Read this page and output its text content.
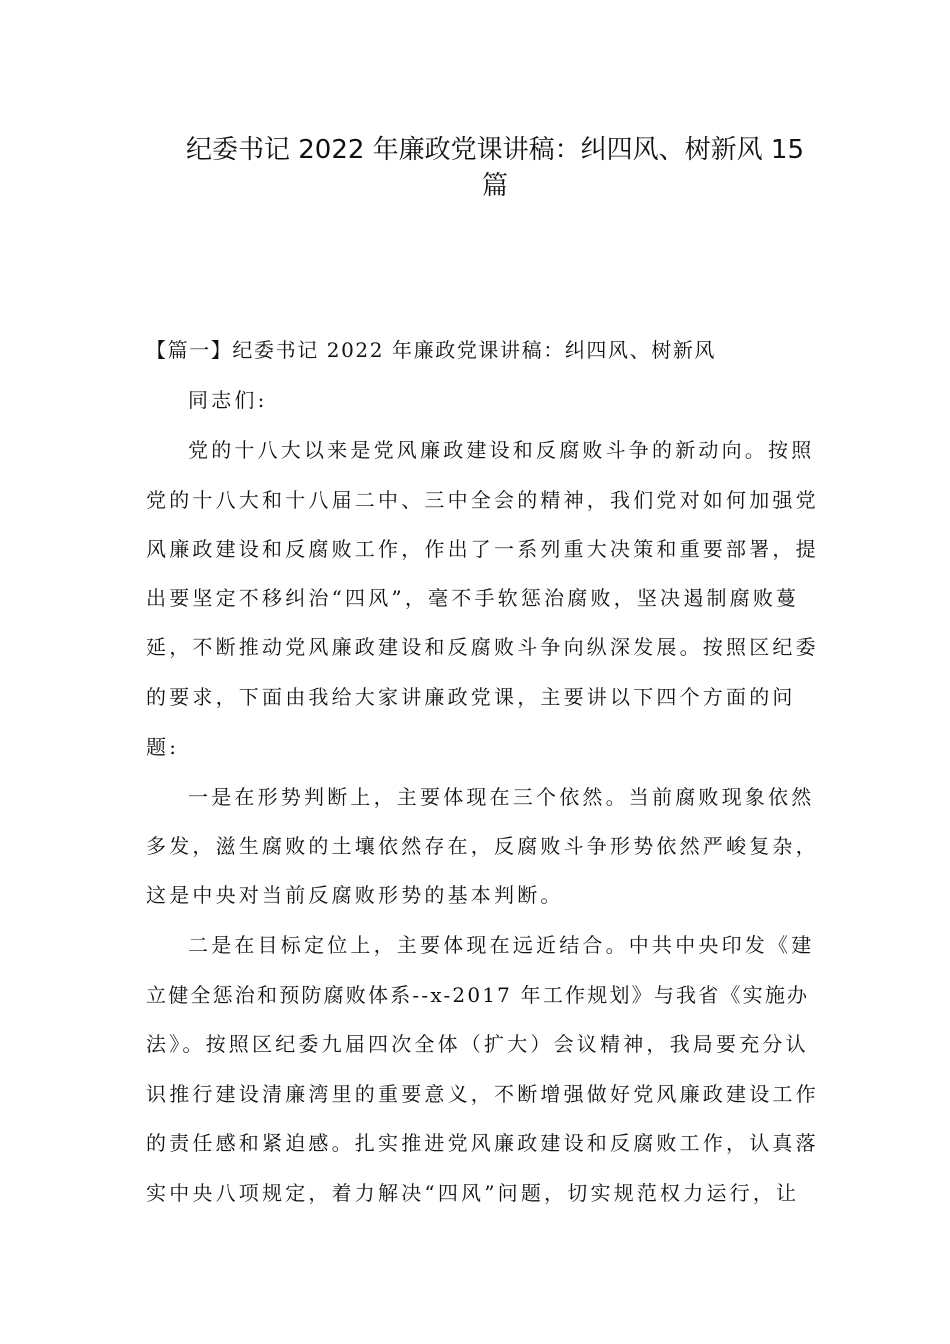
纪委书记 2022 年廉政党课讲稿：纠四风、树新风 15
篇

【篇一】纪委书记 2022 年廉政党课讲稿：纠四风、树新风

同志们:

党的十八大以来是党风廉政建设和反腐败斗争的新动向。按照

党的十八大和十八届二中、三中全会的精神，我们党对如何加强党

风廉政建设和反腐败工作，作出了一系列重大决策和重要部署，提

出要坚定不移纠治“四风”，毫不手软惩治腐败，坚决遏制腐败蔓

延，不断推动党风廉政建设和反腐败斗争向纵深发展。按照区纪委

的要求，下面由我给大家讲廉政党课，主要讲以下四个方面的问

题:

一是在形势判断上，主要体现在三个依然。当前腐败现象依然

多发，滋生腐败的土壤依然存在，反腐败斗争形势依然严峻复杂，

这是中央对当前反腐败形势的基本判断。

二是在目标定位上，主要体现在远近结合。中共中央印发《建

立健全惩治和预防腐败体系--x-2017 年工作规划》与我省《实施办

法》。按照区纪委九届四次全体（扩大）会议精神，我局要充分认

识推行建设清廉湾里的重要意义，不断增强做好党风廉政建设工作

的责任感和紧迫感。扎实推进党风廉政建设和反腐败工作，认真落

实中央八项规定，着力解决“四风”问题，切实规范权力运行，让
